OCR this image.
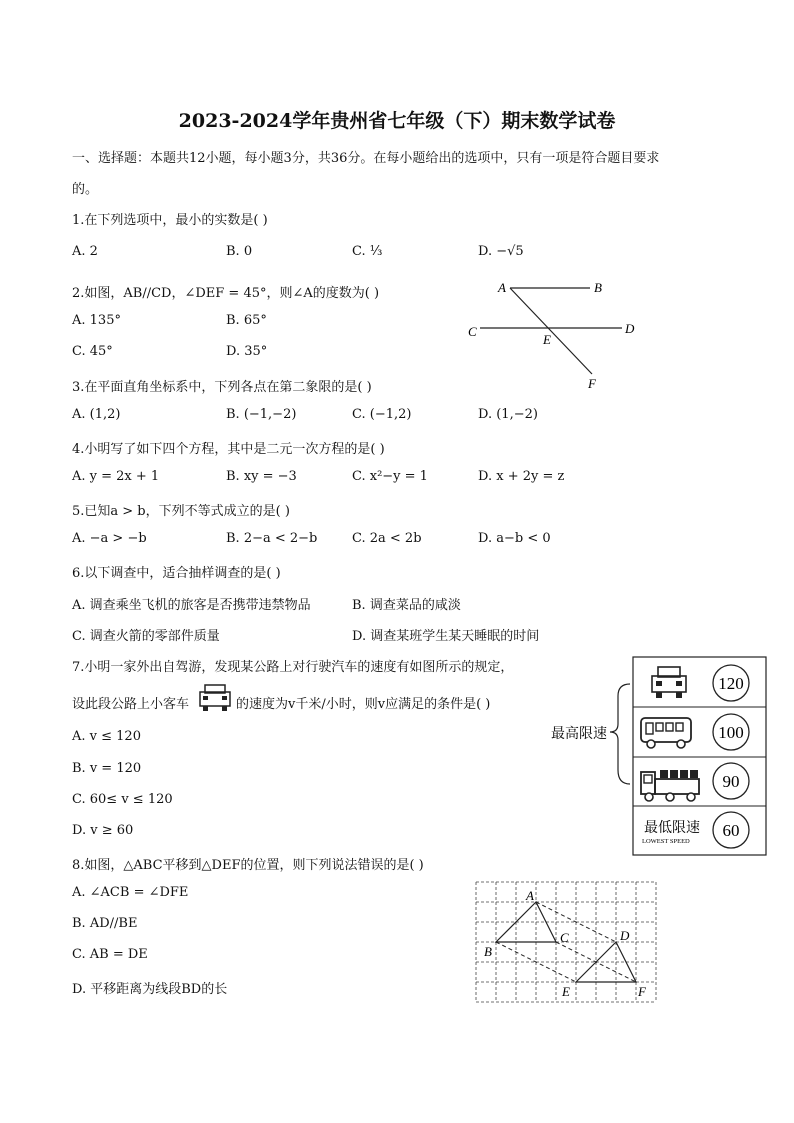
2023-2024学年贵州省七年级（下）期末数学试卷
一、选择题：本题共12小题，每小题3分，共36分。在每小题给出的选项中，只有一项是符合题目要求
的。
1.在下列选项中，最小的实数是( )
A. 2	B. 0	C. ⅓	D. −√5
2.如图，AB//CD，∠DEF = 45°，则∠A的度数为( )
A. 135°	B. 65°
C. 45°	D. 35°
A	B
C	D
E
F
3.在平面直角坐标系中，下列各点在第二象限的是( )
A. (1,2)	B. (−1,−2)	C. (−1,2)	D. (1,−2)
4.小明写了如下四个方程，其中是二元一次方程的是( )
A. y = 2x + 1	B. xy = −3	C. x²−y = 1	D. x + 2y = z
5.已知a > b，下列不等式成立的是( )
A. −a > −b	B. 2−a < 2−b	C. 2a < 2b	D. a−b < 0
6.以下调查中，适合抽样调查的是( )
A. 调查乘坐飞机的旅客是否携带违禁物品	B. 调查菜品的咸淡
C. 调查火箭的零部件质量	D. 调查某班学生某天睡眠的时间
7.小明一家外出自驾游，发现某公路上对行驶汽车的速度有如图所示的规定，
设此段公路上小客车	的速度为v千米/小时，则v应满足的条件是( )
A. v ≤ 120
B. v = 120
C. 60≤ v ≤ 120
D. v ≥ 60
最高限速
最低限速
LOWEST SPEED
120
100
90
60
8.如图，△ABC平移到△DEF的位置，则下列说法错误的是( )
A. ∠ACB = ∠DFE
B. AD//BE
C. AB = DE
D. 平移距离为线段BD的长
A
B
C	D
E	F
